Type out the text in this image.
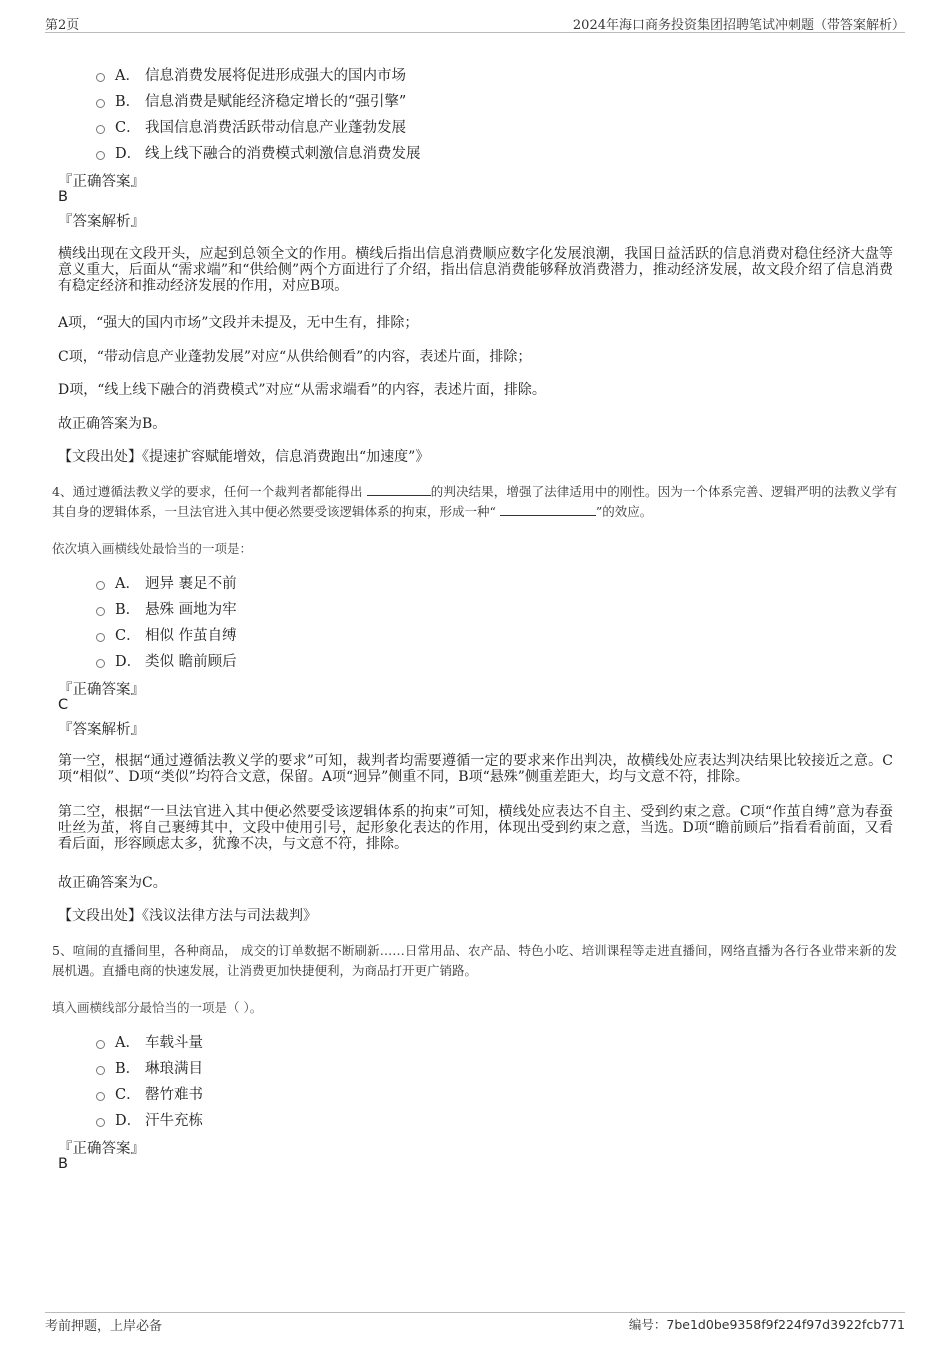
第2页	2024年海口商务投资集团招聘笔试冲刺题（带答案解析）
A． 信息消费发展将促进形成强大的国内市场
B． 信息消费是赋能经济稳定增长的“强引擎”
C． 我国信息消费活跃带动信息产业蓬勃发展
D． 线上线下融合的消费模式刺激信息消费发展
『正确答案』
B
『答案解析』
横线出现在文段开头，应起到总领全文的作用。横线后指出信息消费顺应数字化发展浪潮，我国日益活跃的信息消费对稳住经济大盘等意义重大，后面从“需求端”和“供给侧”两个方面进行了介绍，指出信息消费能够释放消费潜力，推动经济发展，故文段介绍了信息消费有稳定经济和推动经济发展的作用，对应B项。
A项，“强大的国内市场”文段并未提及，无中生有，排除；
C项，“带动信息产业蓬勃发展”对应“从供给侧看”的内容，表述片面，排除；
D项，“线上线下融合的消费模式”对应“从需求端看”的内容，表述片面，排除。
故正确答案为B。
【文段出处】《提速扩容赋能增效，信息消费跑出“加速度”》
4、通过遵循法教义学的要求，任何一个裁判者都能得出	的判决结果，增强了法律适用中的刚性。因为一个体系完善、逻辑严明的法教义学有其自身的逻辑体系，一旦法官进入其中便必然要受该逻辑体系的拘束，形成一种“	”的效应。
依次填入画横线处最恰当的一项是：
A． 迥异 裹足不前
B． 悬殊 画地为牢
C． 相似 作茧自缚
D． 类似 瞻前顾后
『正确答案』
C
『答案解析』
第一空，根据“通过遵循法教义学的要求”可知，裁判者均需要遵循一定的要求来作出判决，故横线处应表达判决结果比较接近之意。C项“相似”、D项“类似”均符合文意，保留。A项“迥异”侧重不同，B项“悬殊”侧重差距大，均与文意不符，排除。
第二空，根据“一旦法官进入其中便必然要受该逻辑体系的拘束”可知，横线处应表达不自主、受到约束之意。C项“作茧自缚”意为春蚕吐丝为茧，将自己裹缚其中，文段中使用引号，起形象化表达的作用，体现出受到约束之意，当选。D项“瞻前顾后”指看看前面，又看看后面，形容顾虑太多，犹豫不决，与文意不符，排除。
故正确答案为C。
【文段出处】《浅议法律方法与司法裁判》
5、喧闹的直播间里，各种商品， 成交的订单数据不断刷新……日常用品、农产品、特色小吃、培训课程等走进直播间，网络直播为各行各业带来新的发展机遇。直播电商的快速发展，让消费更加快捷便利，为商品打开更广销路。
填入画横线部分最恰当的一项是（ ）。
A． 车载斗量
B． 琳琅满目
C． 罄竹难书
D． 汗牛充栋
『正确答案』
B
考前押题，上岸必备	编号：7be1d0be9358f9f224f97d3922fcb771
